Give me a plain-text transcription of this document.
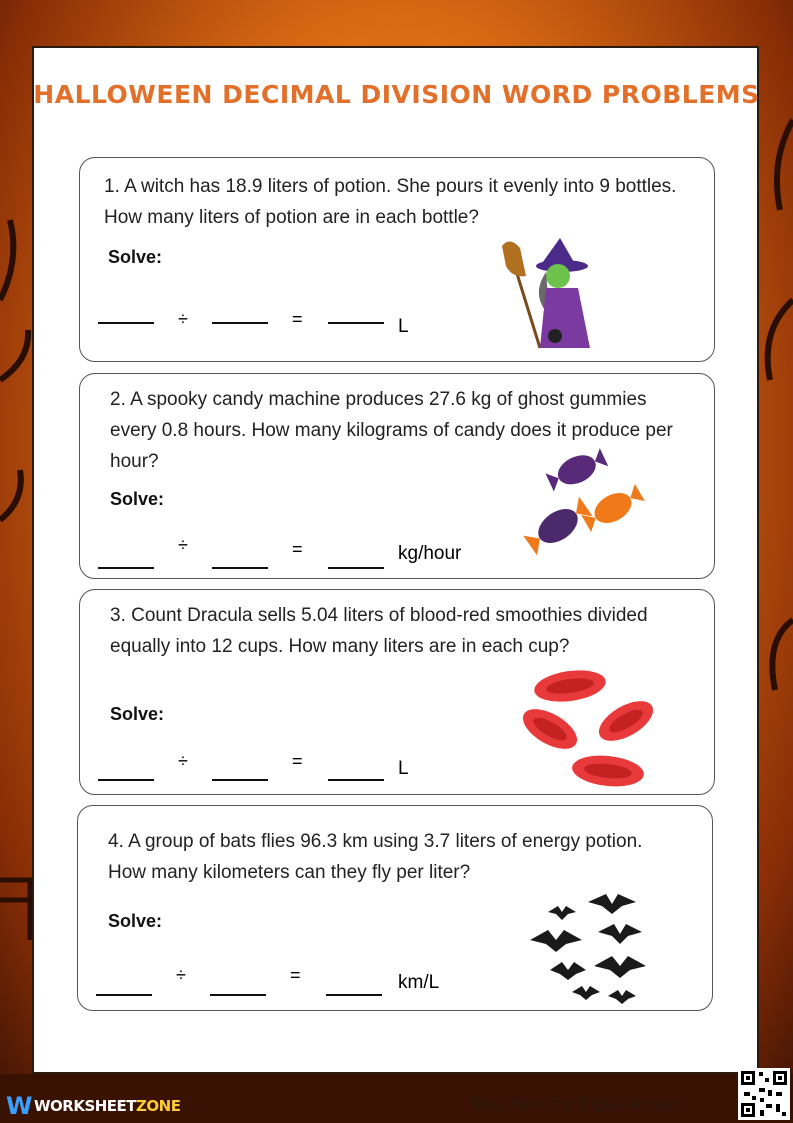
HALLOWEEN DECIMAL DIVISION WORD PROBLEMS
1. A witch has 18.9 liters of potion. She pours it evenly into 9 bottles. How many liters of potion are in each bottle?
Solve:
÷	=	L
2. A spooky candy machine produces 27.6 kg of ghost gummies every 0.8 hours. How many kilograms of candy does it produce per hour?
Solve:
÷	=	kg/hour
3. Count Dracula sells 5.04 liters of blood-red smoothies divided equally into 12 cups. How many liters are in each cup?
Solve:
÷	=	L
4. A group of bats flies 96.3 km using 3.7 liters of energy potion. How many kilometers can they fly per liter?
Solve:
÷	=	km/L
WWORKSHEETZONE	Scan Here For Digital Version
